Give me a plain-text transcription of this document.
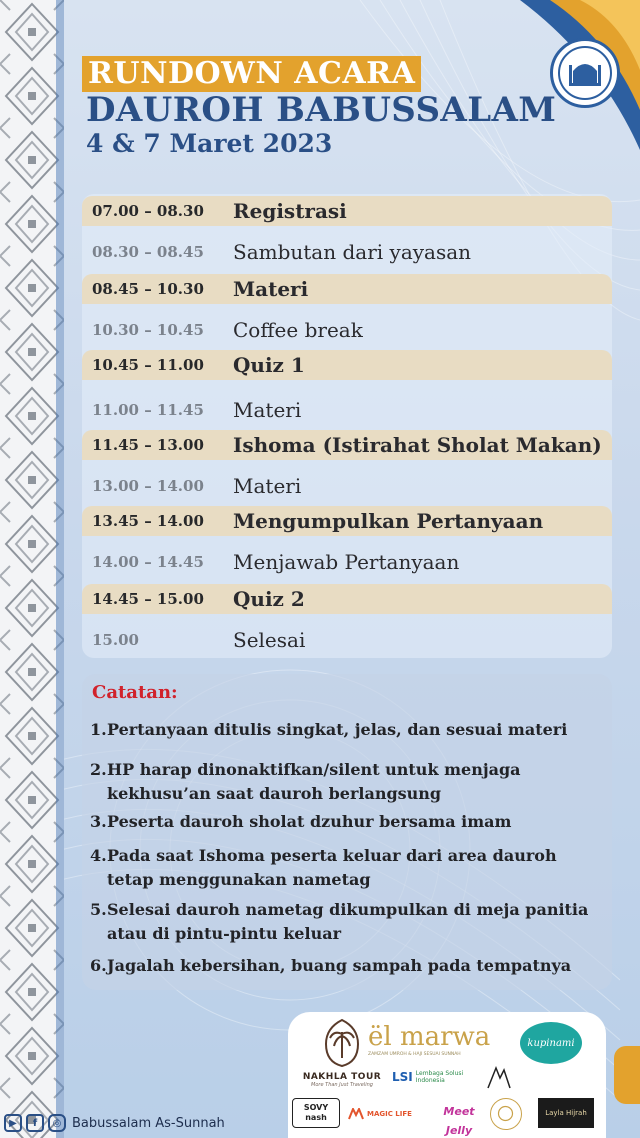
RUNDOWN ACARA
DAUROH BABUSSALAM
4 & 7 Maret 2023
07.00 – 08.30 Registrasi
08.30 – 08.45 Sambutan dari yayasan
08.45 – 10.30 Materi
10.30 – 10.45 Coffee break
10.45 – 11.00 Quiz 1
11.00 – 11.45 Materi
11.45 – 13.00 Ishoma (Istirahat Sholat Makan)
13.00 – 14.00 Materi
13.45 – 14.00 Mengumpulkan Pertanyaan
14.00 – 14.45 Menjawab Pertanyaan
14.45 – 15.00 Quiz 2
15.00	Selesai
Catatan:
1. Pertanyaan ditulis singkat, jelas, dan sesuai materi
2. HP harap dinonaktifkan/silent untuk menjaga kekhusu’an saat dauroh berlangsung
3. Peserta dauroh sholat dzuhur bersama imam
4. Pada saat Ishoma peserta keluar dari area dauroh tetap menggunakan nametag
5. Selesai dauroh nametag dikumpulkan di meja panitia atau di pintu-pintu keluar
6. Jagalah kebersihan, buang sampah pada tempatnya
NAKHLA TOUR
More Than Just Traveling
ël marwa
ZAMZAM UMROH & HAJI SESUAI SUNNAH
kupinami
LSI Lembaga Solusi Indonesia
SOVY nash	MAGIC LIFE	Meet Jelly
Layla Hijrah
▶	f	◎ Babussalam As-Sunnah
